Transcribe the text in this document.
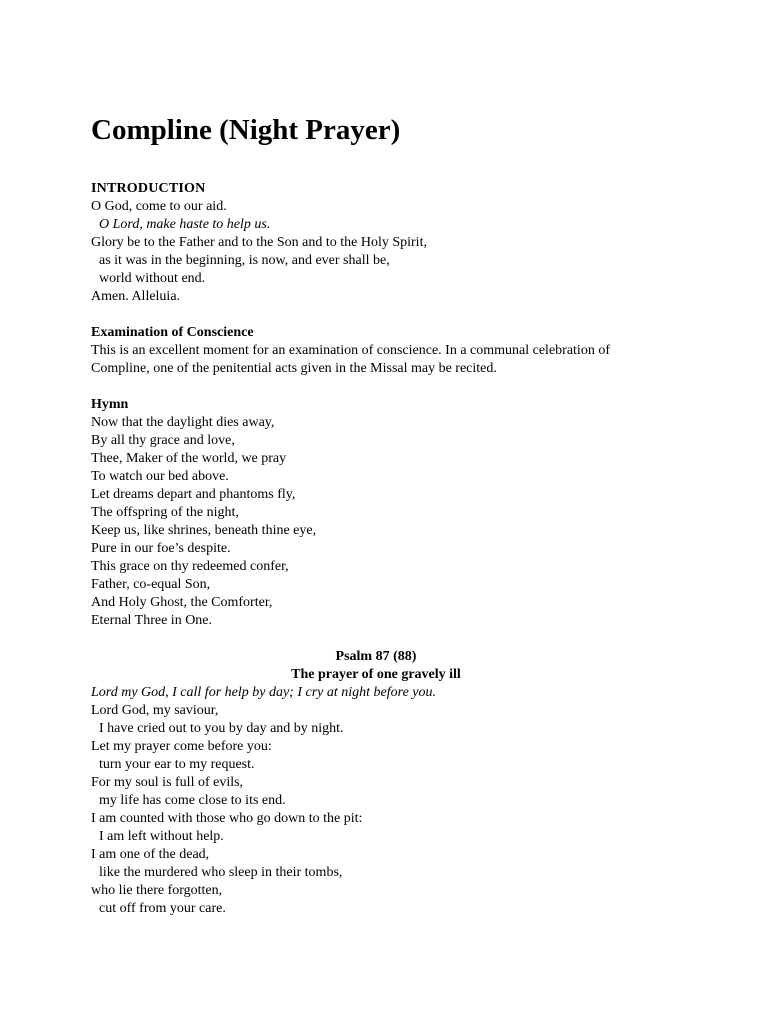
Compline (Night Prayer)
INTRODUCTION
O God, come to our aid.
O Lord, make haste to help us.
Glory be to the Father and to the Son and to the Holy Spirit,
as it was in the beginning, is now, and ever shall be,
world without end.
Amen. Alleluia.
Examination of Conscience
This is an excellent moment for an examination of conscience. In a communal celebration of Compline, one of the penitential acts given in the Missal may be recited.
Hymn
Now that the daylight dies away,
By all thy grace and love,
Thee, Maker of the world, we pray
To watch our bed above.
Let dreams depart and phantoms fly,
The offspring of the night,
Keep us, like shrines, beneath thine eye,
Pure in our foe’s despite.
This grace on thy redeemed confer,
Father, co-equal Son,
And Holy Ghost, the Comforter,
Eternal Three in One.
Psalm 87 (88)
The prayer of one gravely ill
Lord my God, I call for help by day; I cry at night before you.
Lord God, my saviour,
I have cried out to you by day and by night.
Let my prayer come before you:
turn your ear to my request.
For my soul is full of evils,
my life has come close to its end.
I am counted with those who go down to the pit:
I am left without help.
I am one of the dead,
like the murdered who sleep in their tombs,
who lie there forgotten,
cut off from your care.
